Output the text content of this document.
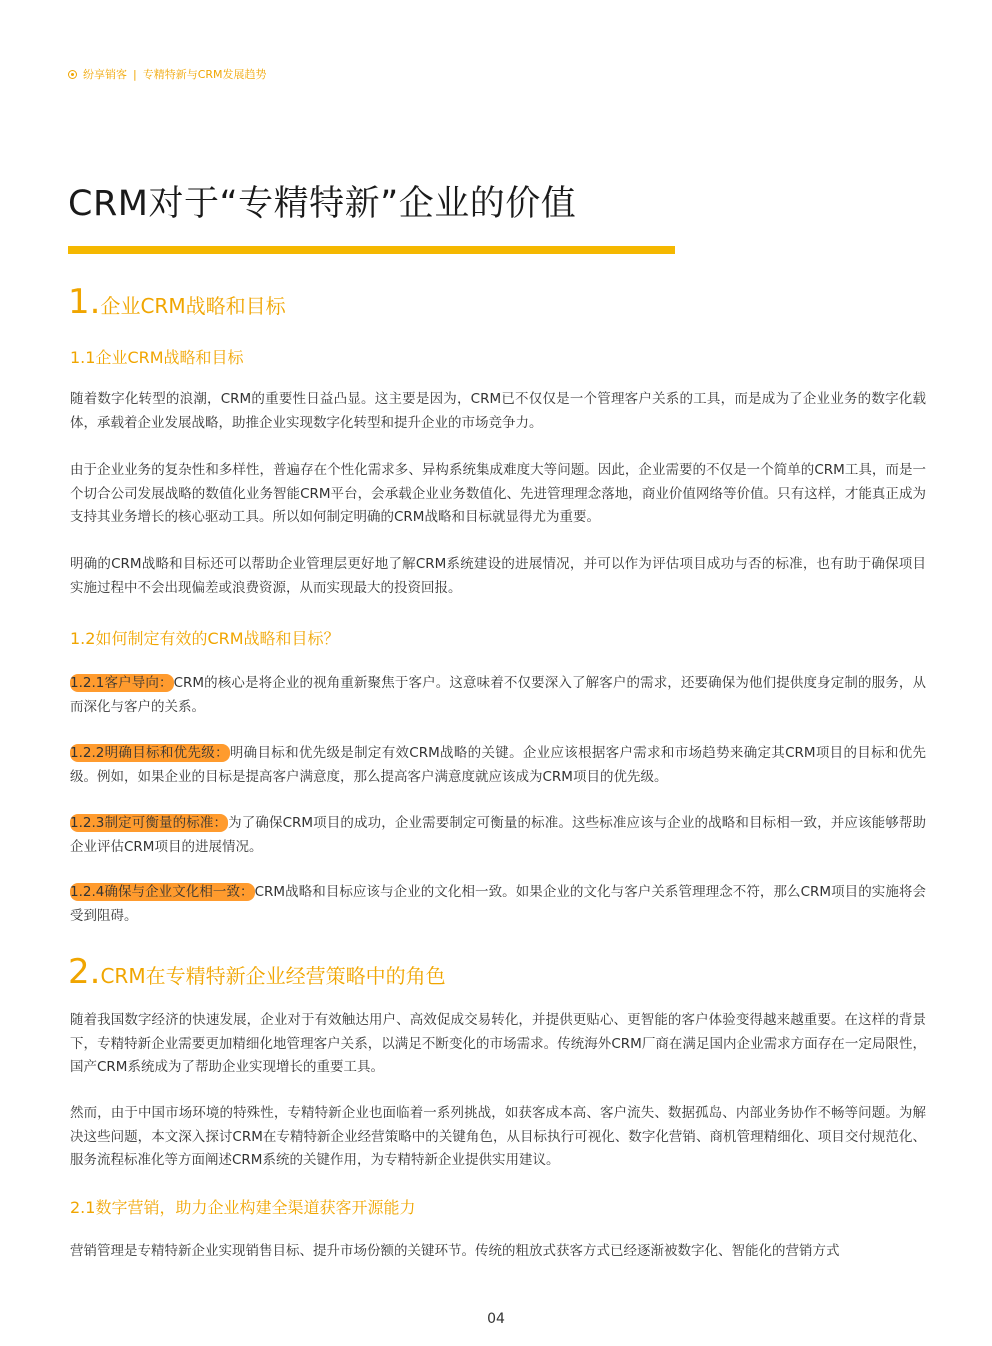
纷享销客 | 专精特新与CRM发展趋势
CRM对于“专精特新”企业的价值
1.企业CRM战略和目标
1.1企业CRM战略和目标

随着数字化转型的浪潮，CRM的重要性日益凸显。这主要是因为，CRM已不仅仅是一个管理客户关系的工具，而是成为了企业业务的数字化载体，承载着企业发展战略，助推企业实现数字化转型和提升企业的市场竞争力。

由于企业业务的复杂性和多样性，普遍存在个性化需求多、异构系统集成难度大等问题。因此，企业需要的不仅是一个简单的CRM工具，而是一个切合公司发展战略的数值化业务智能CRM平台，会承载企业业务数值化、先进管理理念落地，商业价值网络等价值。只有这样，才能真正成为支持其业务增长的核心驱动工具。所以如何制定明确的CRM战略和目标就显得尤为重要。

明确的CRM战略和目标还可以帮助企业管理层更好地了解CRM系统建设的进展情况，并可以作为评估项目成功与否的标准，也有助于确保项目实施过程中不会出现偏差或浪费资源，从而实现最大的投资回报。

1.2如何制定有效的CRM战略和目标？

1.2.1客户导向：CRM的核心是将企业的视角重新聚焦于客户。这意味着不仅要深入了解客户的需求，还要确保为他们提供度身定制的服务，从而深化与客户的关系。

1.2.2明确目标和优先级：明确目标和优先级是制定有效CRM战略的关键。企业应该根据客户需求和市场趋势来确定其CRM项目的目标和优先级。例如，如果企业的目标是提高客户满意度，那么提高客户满意度就应该成为CRM项目的优先级。

1.2.3制定可衡量的标准：为了确保CRM项目的成功，企业需要制定可衡量的标准。这些标准应该与企业的战略和目标相一致，并应该能够帮助企业评估CRM项目的进展情况。

1.2.4确保与企业文化相一致：CRM战略和目标应该与企业的文化相一致。如果企业的文化与客户关系管理理念不符，那么CRM项目的实施将会受到阻碍。

2.CRM在专精特新企业经营策略中的角色

随着我国数字经济的快速发展，企业对于有效触达用户、高效促成交易转化，并提供更贴心、更智能的客户体验变得越来越重要。在这样的背景下，专精特新企业需要更加精细化地管理客户关系，以满足不断变化的市场需求。传统海外CRM厂商在满足国内企业需求方面存在一定局限性，国产CRM系统成为了帮助企业实现增长的重要工具。

然而，由于中国市场环境的特殊性，专精特新企业也面临着一系列挑战，如获客成本高、客户流失、数据孤岛、内部业务协作不畅等问题。为解决这些问题，本文深入探讨CRM在专精特新企业经营策略中的关键角色，从目标执行可视化、数字化营销、商机管理精细化、项目交付规范化、服务流程标准化等方面阐述CRM系统的关键作用，为专精特新企业提供实用建议。

2.1数字营销，助力企业构建全渠道获客开源能力

营销管理是专精特新企业实现销售目标、提升市场份额的关键环节。传统的粗放式获客方式已经逐渐被数字化、智能化的营销方式

04
